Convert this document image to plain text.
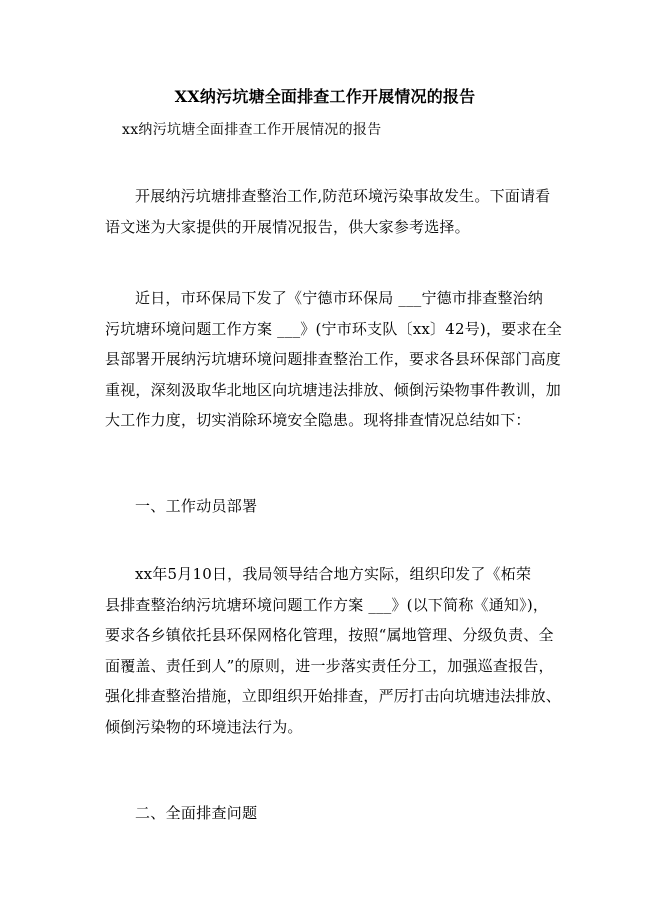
XX纳污坑塘全面排查工作开展情况的报告
xx纳污坑塘全面排查工作开展情况的报告
开展纳污坑塘排查整治工作,防范环境污染事故发生。下面请看
语文迷为大家提供的开展情况报告，供大家参考选择。
近日，市环保局下发了《宁德市环保局 ___宁德市排查整治纳
污坑塘环境问题工作方案 ___》(宁市环支队〔xx〕42号)，要求在全
县部署开展纳污坑塘环境问题排查整治工作，要求各县环保部门高度
重视，深刻汲取华北地区向坑塘违法排放、倾倒污染物事件教训，加
大工作力度，切实消除环境安全隐患。现将排查情况总结如下：
一、工作动员部署
xx年5月10日，我局领导结合地方实际，组织印发了《柘荣
县排查整治纳污坑塘环境问题工作方案 ___》(以下简称《通知》)，
要求各乡镇依托县环保网格化管理，按照“属地管理、分级负责、全
面覆盖、责任到人”的原则，进一步落实责任分工，加强巡查报告，
强化排查整治措施，立即组织开始排查，严厉打击向坑塘违法排放、
倾倒污染物的环境违法行为。
二、全面排查问题
